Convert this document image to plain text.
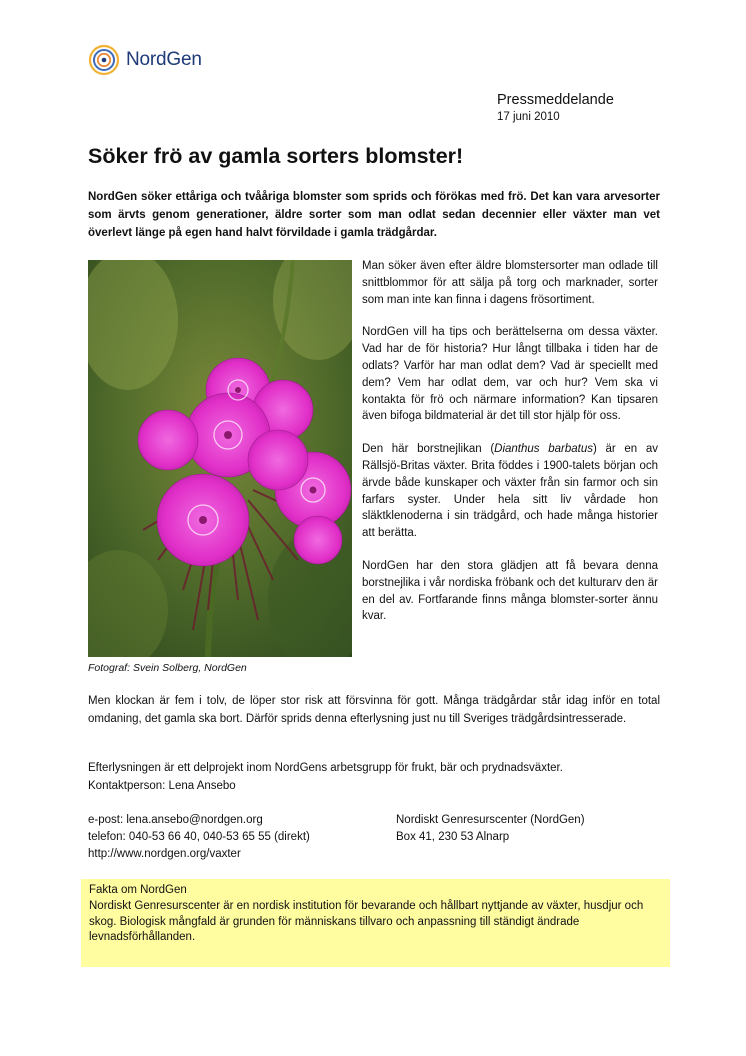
NordGen
Pressmeddelande
17 juni 2010
Söker frö av gamla sorters blomster!
NordGen söker ettåriga och tvååriga blomster som sprids och förökas med frö. Det kan vara arvesorter som ärvts genom generationer, äldre sorter som man odlat sedan decennier eller växter man vet överlevt länge på egen hand halvt förvildade i gamla trädgårdar.
Fotograf: Svein Solberg, NordGen

Man söker även efter äldre blomstersorter man odlade till snittblommor för att sälja på torg och marknader, sorter som man inte kan finna i dagens frösortiment.

NordGen vill ha tips och berättelserna om dessa växter. Vad har de för historia? Hur långt tillbaka i tiden har de odlats? Varför har man odlat dem? Vad är speciellt med dem? Vem har odlat dem, var och hur? Vem ska vi kontakta för frö och närmare information? Kan tipsaren även bifoga bildmaterial är det till stor hjälp för oss.

Den här borstnejlikan (Dianthus barbatus) är en av Rällsjö-Britas växter. Brita föddes i 1900-talets början och ärvde både kunskaper och växter från sin farmor och sin farfars syster. Under hela sitt liv vårdade hon släktklenoderna i sin trädgård, och hade många historier att berätta.

NordGen har den stora glädjen att få bevara denna borstnejlika i vår nordiska fröbank och det kulturarv den är en del av. Fortfarande finns många blomster-sorter ännu kvar.

Men klockan är fem i tolv, de löper stor risk att försvinna för gott. Många trädgårdar står idag inför en total omdaning, det gamla ska bort. Därför sprids denna efterlysning just nu till Sveriges trädgårdsintresserade.

Efterlysningen är ett delprojekt inom NordGens arbetsgrupp för frukt, bär och prydnadsväxter.

Kontaktperson: Lena Ansebo

e-post: lena.ansebo@nordgen.org
telefon: 040-53 66 40, 040-53 65 55 (direkt)
http://www.nordgen.org/vaxter
Nordiskt Genresurscenter (NordGen)
Box 41, 230 53 Alnarp
Fakta om NordGen
Nordiskt Genresurscenter är en nordisk institution för bevarande och hållbart nyttjande av växter, husdjur och skog. Biologisk mångfald är grunden för människans tillvaro och anpassning till ständigt ändrade levnadsförhållanden.
